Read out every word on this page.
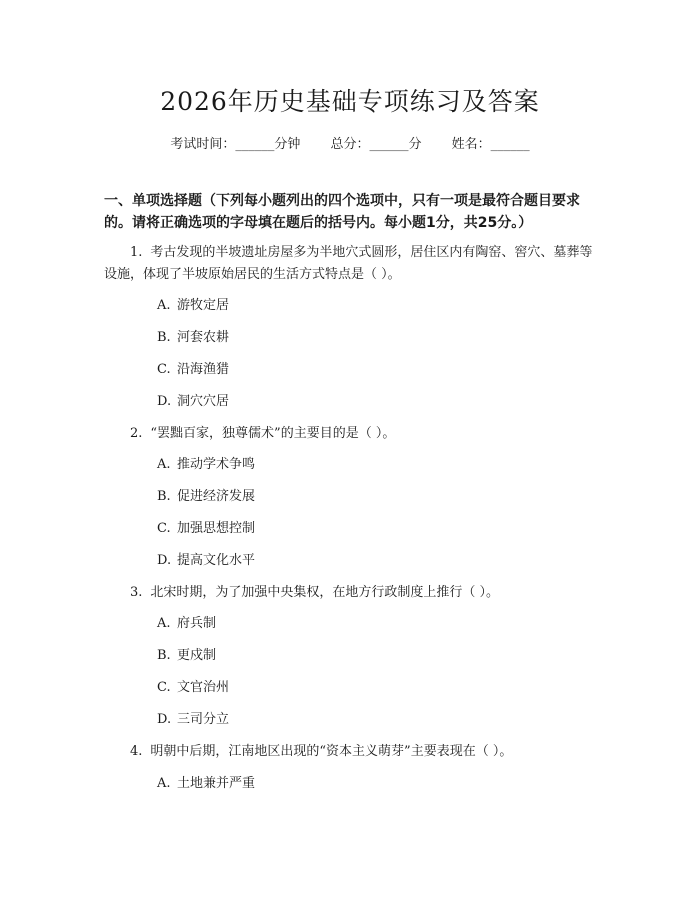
2026年历史基础专项练习及答案
考试时间：______分钟 总分：______分 姓名：______
一、单项选择题（下列每小题列出的四个选项中，只有一项是最符合题目要求的。请将正确选项的字母填在题后的括号内。每小题1分，共25分。）
1. 考古发现的半坡遗址房屋多为半地穴式圆形，居住区内有陶窑、窖穴、墓葬等设施，体现了半坡原始居民的生活方式特点是（ ）。
A. 游牧定居
B. 河套农耕
C. 沿海渔猎
D. 洞穴穴居
2. “罢黜百家，独尊儒术”的主要目的是（ ）。
A. 推动学术争鸣
B. 促进经济发展
C. 加强思想控制
D. 提高文化水平
3. 北宋时期，为了加强中央集权，在地方行政制度上推行（ ）。
A. 府兵制
B. 更戍制
C. 文官治州
D. 三司分立
4. 明朝中后期，江南地区出现的“资本主义萌芽”主要表现在（ ）。
A. 土地兼并严重
